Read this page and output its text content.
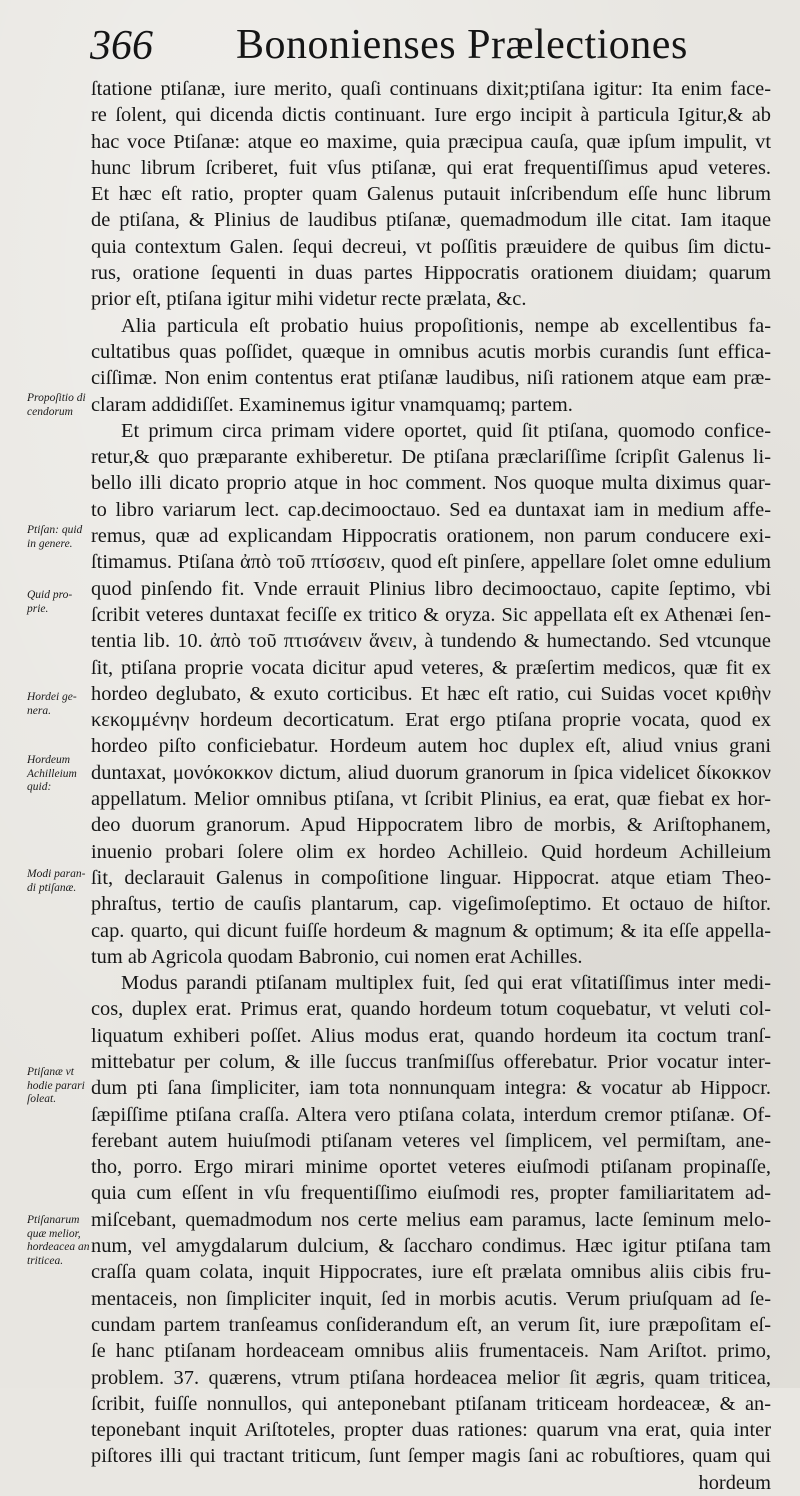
366 Bononienses Prælectiones
ſtatione ptiſanæ, iure merito, quaſi continuans dixit;ptiſana igitur: Ita enim face-
re ſolent, qui dicenda dictis continuant. Iure ergo incipit à particula Igitur,& ab
hac voce Ptiſanæ: atque eo maxime, quia præcipua cauſa, quæ ipſum impulit, vt
hunc librum ſcriberet, fuit vſus ptiſanæ, qui erat frequentiſſimus apud veteres.
Et hæc eſt ratio, propter quam Galenus putauit inſcribendum eſſe hunc librum
de ptiſana, & Plinius de laudibus ptiſanæ, quemadmodum ille citat. Iam itaque
quia contextum Galen. ſequi decreui, vt poſſitis præuidere de quibus ſim dictu-
rus, oratione ſequenti in duas partes Hippocratis orationem diuidam; quarum
prior eſt, ptiſana igitur mihi videtur recte prælata, &c.
Alia particula eſt probatio huius propoſitionis, nempe ab excellentibus fa-
cultatibus quas poſſidet, quæque in omnibus acutis morbis curandis ſunt effica-
ciſſimæ. Non enim contentus erat ptiſanæ laudibus, niſi rationem atque eam præ-
claram addidiſſet. Examinemus igitur vnamquamq; partem.
Et primum circa primam videre oportet, quid ſit ptiſana, quomodo confice-
retur,& quo præparante exhiberetur. De ptiſana præclariſſime ſcripſit Galenus li-
bello illi dicato proprio atque in hoc comment. Nos quoque multa diximus quar-
to libro variarum lect. cap.decimooctauo. Sed ea duntaxat iam in medium affe-
remus, quæ ad explicandam Hippocratis orationem, non parum conducere exi-
ſtimamus. Ptiſana ἀπὸ τοῦ πτίσσειν, quod eſt pinſere, appellare ſolet omne edulium
quod pinſendo fit. Vnde errauit Plinius libro decimooctauo, capite ſeptimo, vbi
ſcribit veteres duntaxat feciſſe ex tritico & oryza. Sic appellata eſt ex Athenæi ſen-
tentia lib. 10. ἀπὸ τοῦ πτισάνειν ἅνειν, à tundendo & humectando. Sed vtcunque
ſit, ptiſana proprie vocata dicitur apud veteres, & præſertim medicos, quæ fit ex
hordeo deglubato, & exuto corticibus. Et hæc eſt ratio, cui Suidas vocet κριθὴν
κεκομμένην hordeum decorticatum. Erat ergo ptiſana proprie vocata, quod ex
hordeo piſto conficiebatur. Hordeum autem hoc duplex eſt, aliud vnius grani
duntaxat, μονόκοκκον dictum, aliud duorum granorum in ſpica videlicet δίκοκκον
appellatum. Melior omnibus ptiſana, vt ſcribit Plinius, ea erat, quæ fiebat ex hor-
deo duorum granorum. Apud Hippocratem libro de morbis, & Ariſtophanem,
inuenio probari ſolere olim ex hordeo Achilleio. Quid hordeum Achilleium
ſit, declarauit Galenus in compoſitione linguar. Hippocrat. atque etiam Theo-
phraſtus, tertio de cauſis plantarum, cap. vigeſimoſeptimo. Et octauo de hiſtor.
cap. quarto, qui dicunt fuiſſe hordeum & magnum & optimum; & ita eſſe appella-
tum ab Agricola quodam Babronio, cui nomen erat Achilles.
Modus parandi ptiſanam multiplex fuit, ſed qui erat vſitatiſſimus inter medi-
cos, duplex erat. Primus erat, quando hordeum totum coquebatur, vt veluti col-
liquatum exhiberi poſſet. Alius modus erat, quando hordeum ita coctum tranſ-
mittebatur per colum, & ille ſuccus tranſmiſſus offerebatur. Prior vocatur inter-
dum pti ſana ſimpliciter, iam tota nonnunquam integra: & vocatur ab Hippocr.
ſæpiſſime ptiſana craſſa. Altera vero ptiſana colata, interdum cremor ptiſanæ. Of-
ferebant autem huiuſmodi ptiſanam veteres vel ſimplicem, vel permiſtam, ane-
tho, porro. Ergo mirari minime oportet veteres eiuſmodi ptiſanam propinaſſe,
quia cum eſſent in vſu frequentiſſimo eiuſmodi res, propter familiaritatem ad-
miſcebant, quemadmodum nos certe melius eam paramus, lacte ſeminum melo-
num, vel amygdalarum dulcium, & ſaccharo condimus. Hæc igitur ptiſana tam
craſſa quam colata, inquit Hippocrates, iure eſt prælata omnibus aliis cibis fru-
mentaceis, non ſimpliciter inquit, ſed in morbis acutis. Verum priuſquam ad ſe-
cundam partem tranſeamus conſiderandum eſt, an verum ſit, iure præpoſitam eſ-
ſe hanc ptiſanam hordeaceam omnibus aliis frumentaceis. Nam Ariſtot. primo,
problem. 37. quærens, vtrum ptiſana hordeacea melior ſit ægris, quam triticea,
ſcribit, fuiſſe nonnullos, qui anteponebant ptiſanam triticeam hordeaceæ, & an-
teponebant inquit Ariſtoteles, propter duas rationes: quarum vna erat, quia inter
piſtores illi qui tractant triticum, ſunt ſemper magis ſani ac robuſtiores, quam qui
hordeum
Propoſitio di
cendorum
Ptiſan: quid
in genere.
Quid pro-
prie.
Hordei ge-
nera.
Hordeum
Achilleium
quid:
Modi paran-
di ptiſanæ.
Ptiſanæ vt
hodie parari
ſoleat.
Ptiſanarum
quæ melior,
hordeacea an
triticea.
